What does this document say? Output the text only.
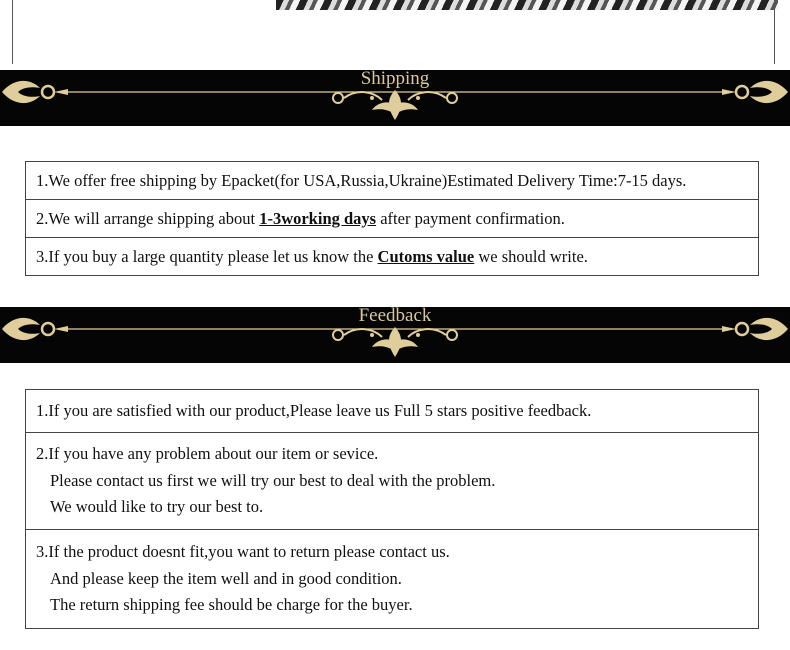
Shipping
1.We offer free shipping by Epacket(for USA,Russia,Ukraine)Estimated Delivery Time:7-15 days.
2.We will arrange shipping about 1-3working days after payment confirmation.
3.If you buy a large quantity please let us know the Cutoms value we should write.
Feedback
1.If you are satisfied with our product,Please leave us Full 5 stars positive feedback.

2.If you have any problem about our item or sevice.
Please contact us first we will try our best to deal with the problem.
We would like to try our best to.

3.If the product doesnt fit,you want to return please contact us.
And please keep the item well and in good condition.
The return shipping fee should be charge for the buyer.
